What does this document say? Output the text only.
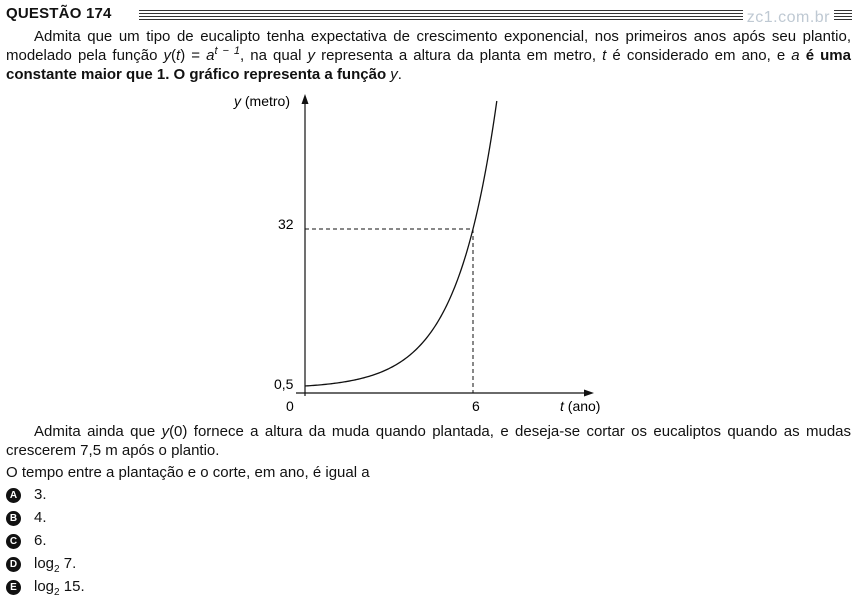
QUESTÃO 174	zc1.com.br

Admita que um tipo de eucalipto tenha expectativa de crescimento exponencial, nos primeiros anos após seu plantio, modelado pela função $y(t) = a^{t - 1}$, na qual y representa a altura da planta em metro, t é considerado em ano, e a é uma constante maior que 1. O gráfico representa a função y.

y (metro)
32
0,5
0	6	t (ano)

Admita ainda que y(0) fornece a altura da muda quando plantada, e deseja-se cortar os eucaliptos quando as mudas crescerem 7,5 m após o plantio.

O tempo entre a plantação e o corte, em ano, é igual a

A 3.
B 4.
C 6.
D $\log_2 7$.
E $\log_2 15$.
